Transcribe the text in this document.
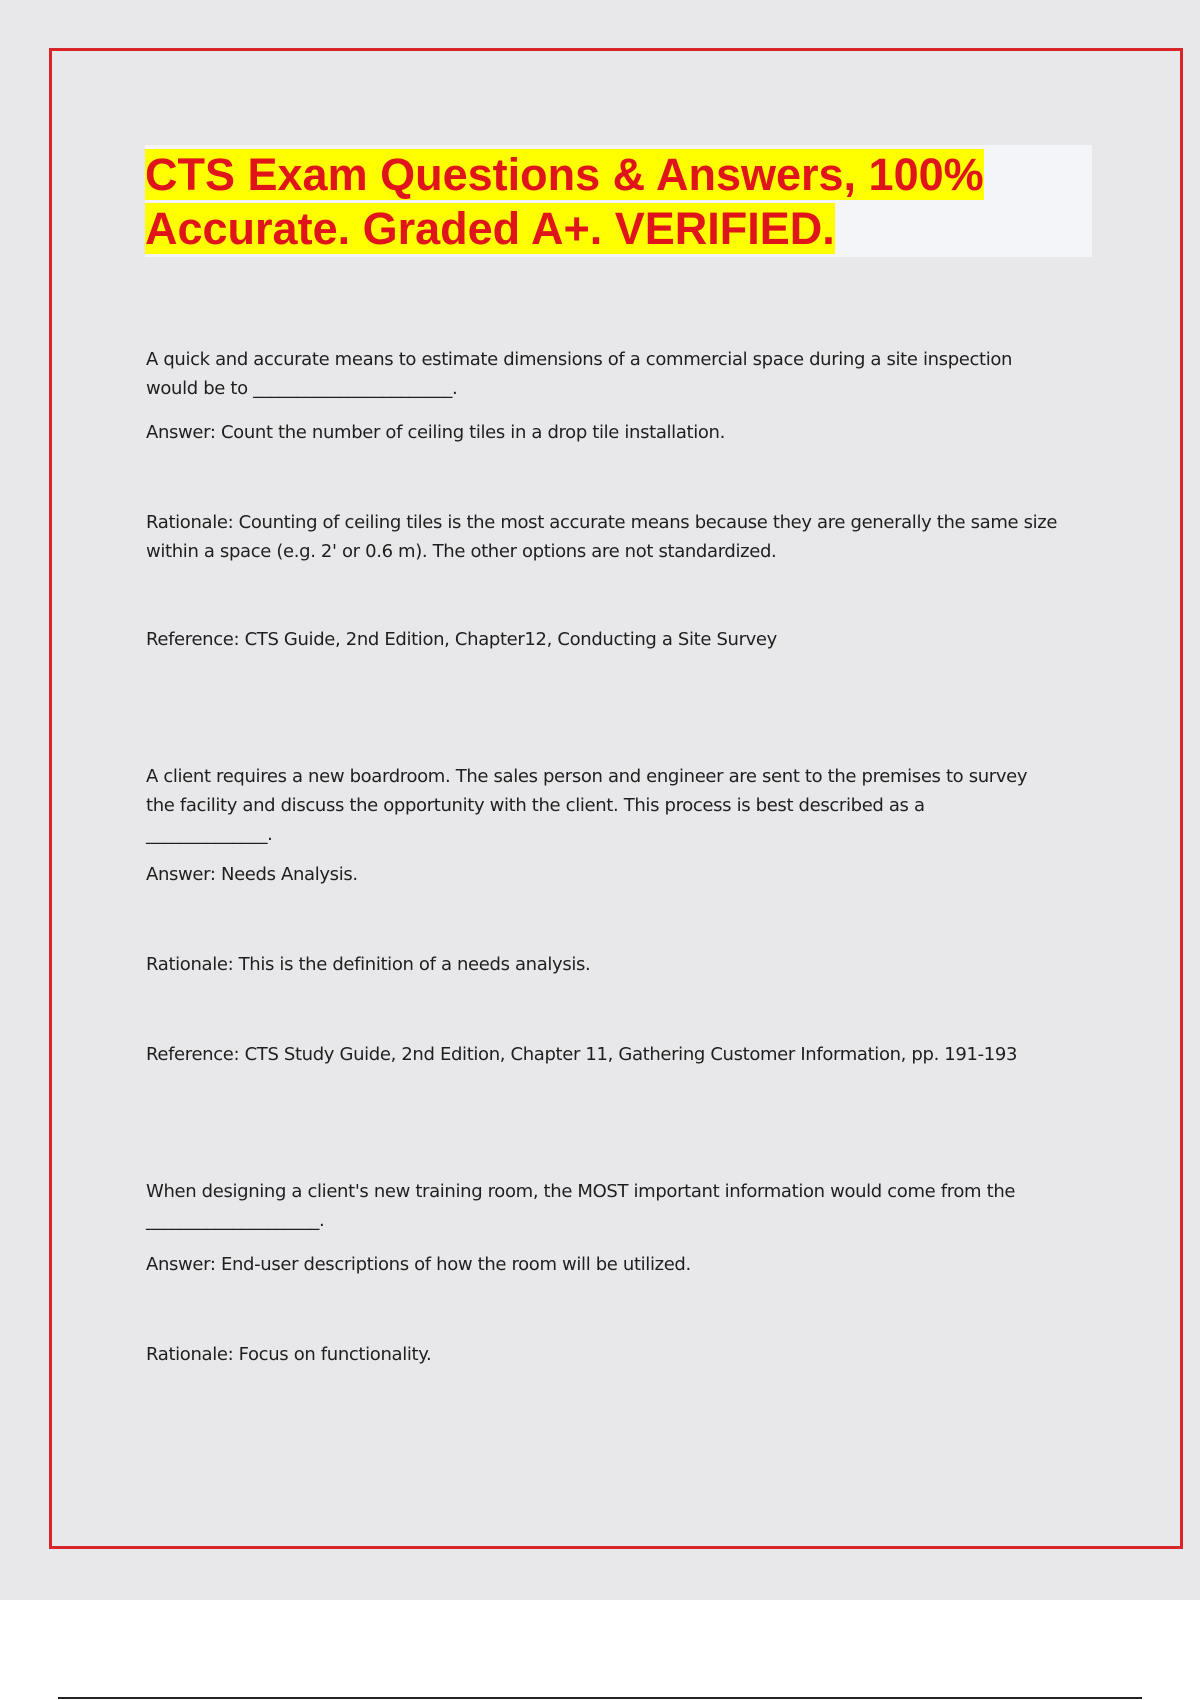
CTS Exam Questions & Answers, 100%
Accurate. Graded A+. VERIFIED.

A quick and accurate means to estimate dimensions of a commercial space during a site inspection

would be to _______________________.

Answer: Count the number of ceiling tiles in a drop tile installation.

Rationale: Counting of ceiling tiles is the most accurate means because they are generally the same size

within a space (e.g. 2' or 0.6 m). The other options are not standardized.

Reference: CTS Guide, 2nd Edition, Chapter12, Conducting a Site Survey

A client requires a new boardroom. The sales person and engineer are sent to the premises to survey

the facility and discuss the opportunity with the client. This process is best described as a

______________.

Answer: Needs Analysis.

Rationale: This is the definition of a needs analysis.

Reference: CTS Study Guide, 2nd Edition, Chapter 11, Gathering Customer Information, pp. 191-193

When designing a client's new training room, the MOST important information would come from the

____________________.

Answer: End-user descriptions of how the room will be utilized.

Rationale: Focus on functionality.
